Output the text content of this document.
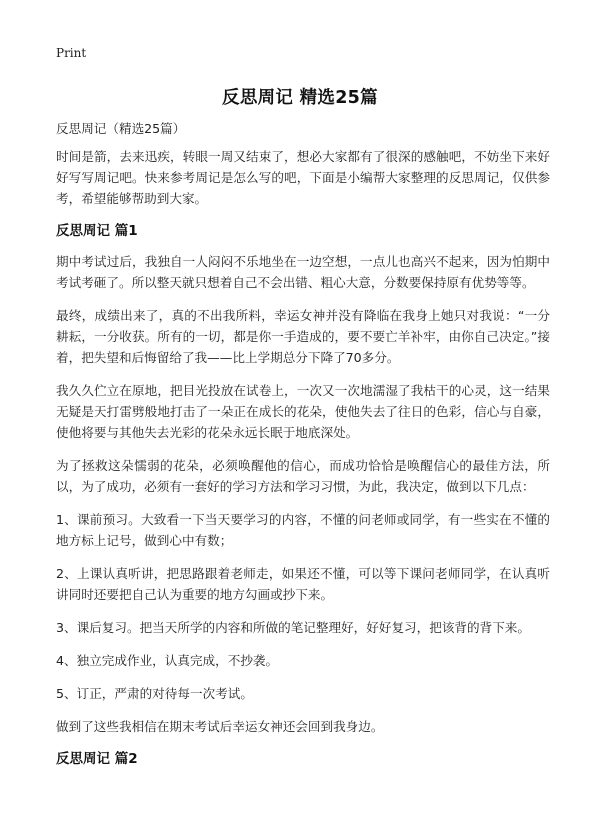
Print
反思周记 精选25篇
反思周记（精选25篇）

时间是箭，去来迅疾，转眼一周又结束了，想必大家都有了很深的感触吧，不妨坐下来好好写写周记吧。快来参考周记是怎么写的吧，下面是小编帮大家整理的反思周记，仅供参考，希望能够帮助到大家。

反思周记 篇1

期中考试过后，我独自一人闷闷不乐地坐在一边空想，一点儿也高兴不起来，因为怕期中考试考砸了。所以整天就只想着自己不会出错、粗心大意，分数要保持原有优势等等。

最终，成绩出来了，真的不出我所料，幸运女神并没有降临在我身上她只对我说：“一分耕耘，一分收获。所有的一切，都是你一手造成的，要不要亡羊补牢，由你自己决定。”接着，把失望和后悔留给了我——比上学期总分下降了70多分。

我久久伫立在原地，把目光投放在试卷上，一次又一次地濡湿了我枯干的心灵，这一结果无疑是天打雷劈般地打击了一朵正在成长的花朵，使他失去了往日的色彩，信心与自豪，使他将要与其他失去光彩的花朵永远长眠于地底深处。

为了拯救这朵懦弱的花朵，必须唤醒他的信心，而成功恰恰是唤醒信心的最佳方法，所以，为了成功，必须有一套好的学习方法和学习习惯，为此，我决定，做到以下几点：

1、课前预习。大致看一下当天要学习的内容，不懂的问老师或同学，有一些实在不懂的地方标上记号，做到心中有数；

2、上课认真听讲，把思路跟着老师走，如果还不懂，可以等下课问老师同学，在认真听讲同时还要把自己认为重要的地方勾画或抄下来。

3、课后复习。把当天所学的内容和所做的笔记整理好，好好复习，把该背的背下来。

4、独立完成作业，认真完成，不抄袭。

5、订正，严肃的对待每一次考试。

做到了这些我相信在期末考试后幸运女神还会回到我身边。

反思周记 篇2
